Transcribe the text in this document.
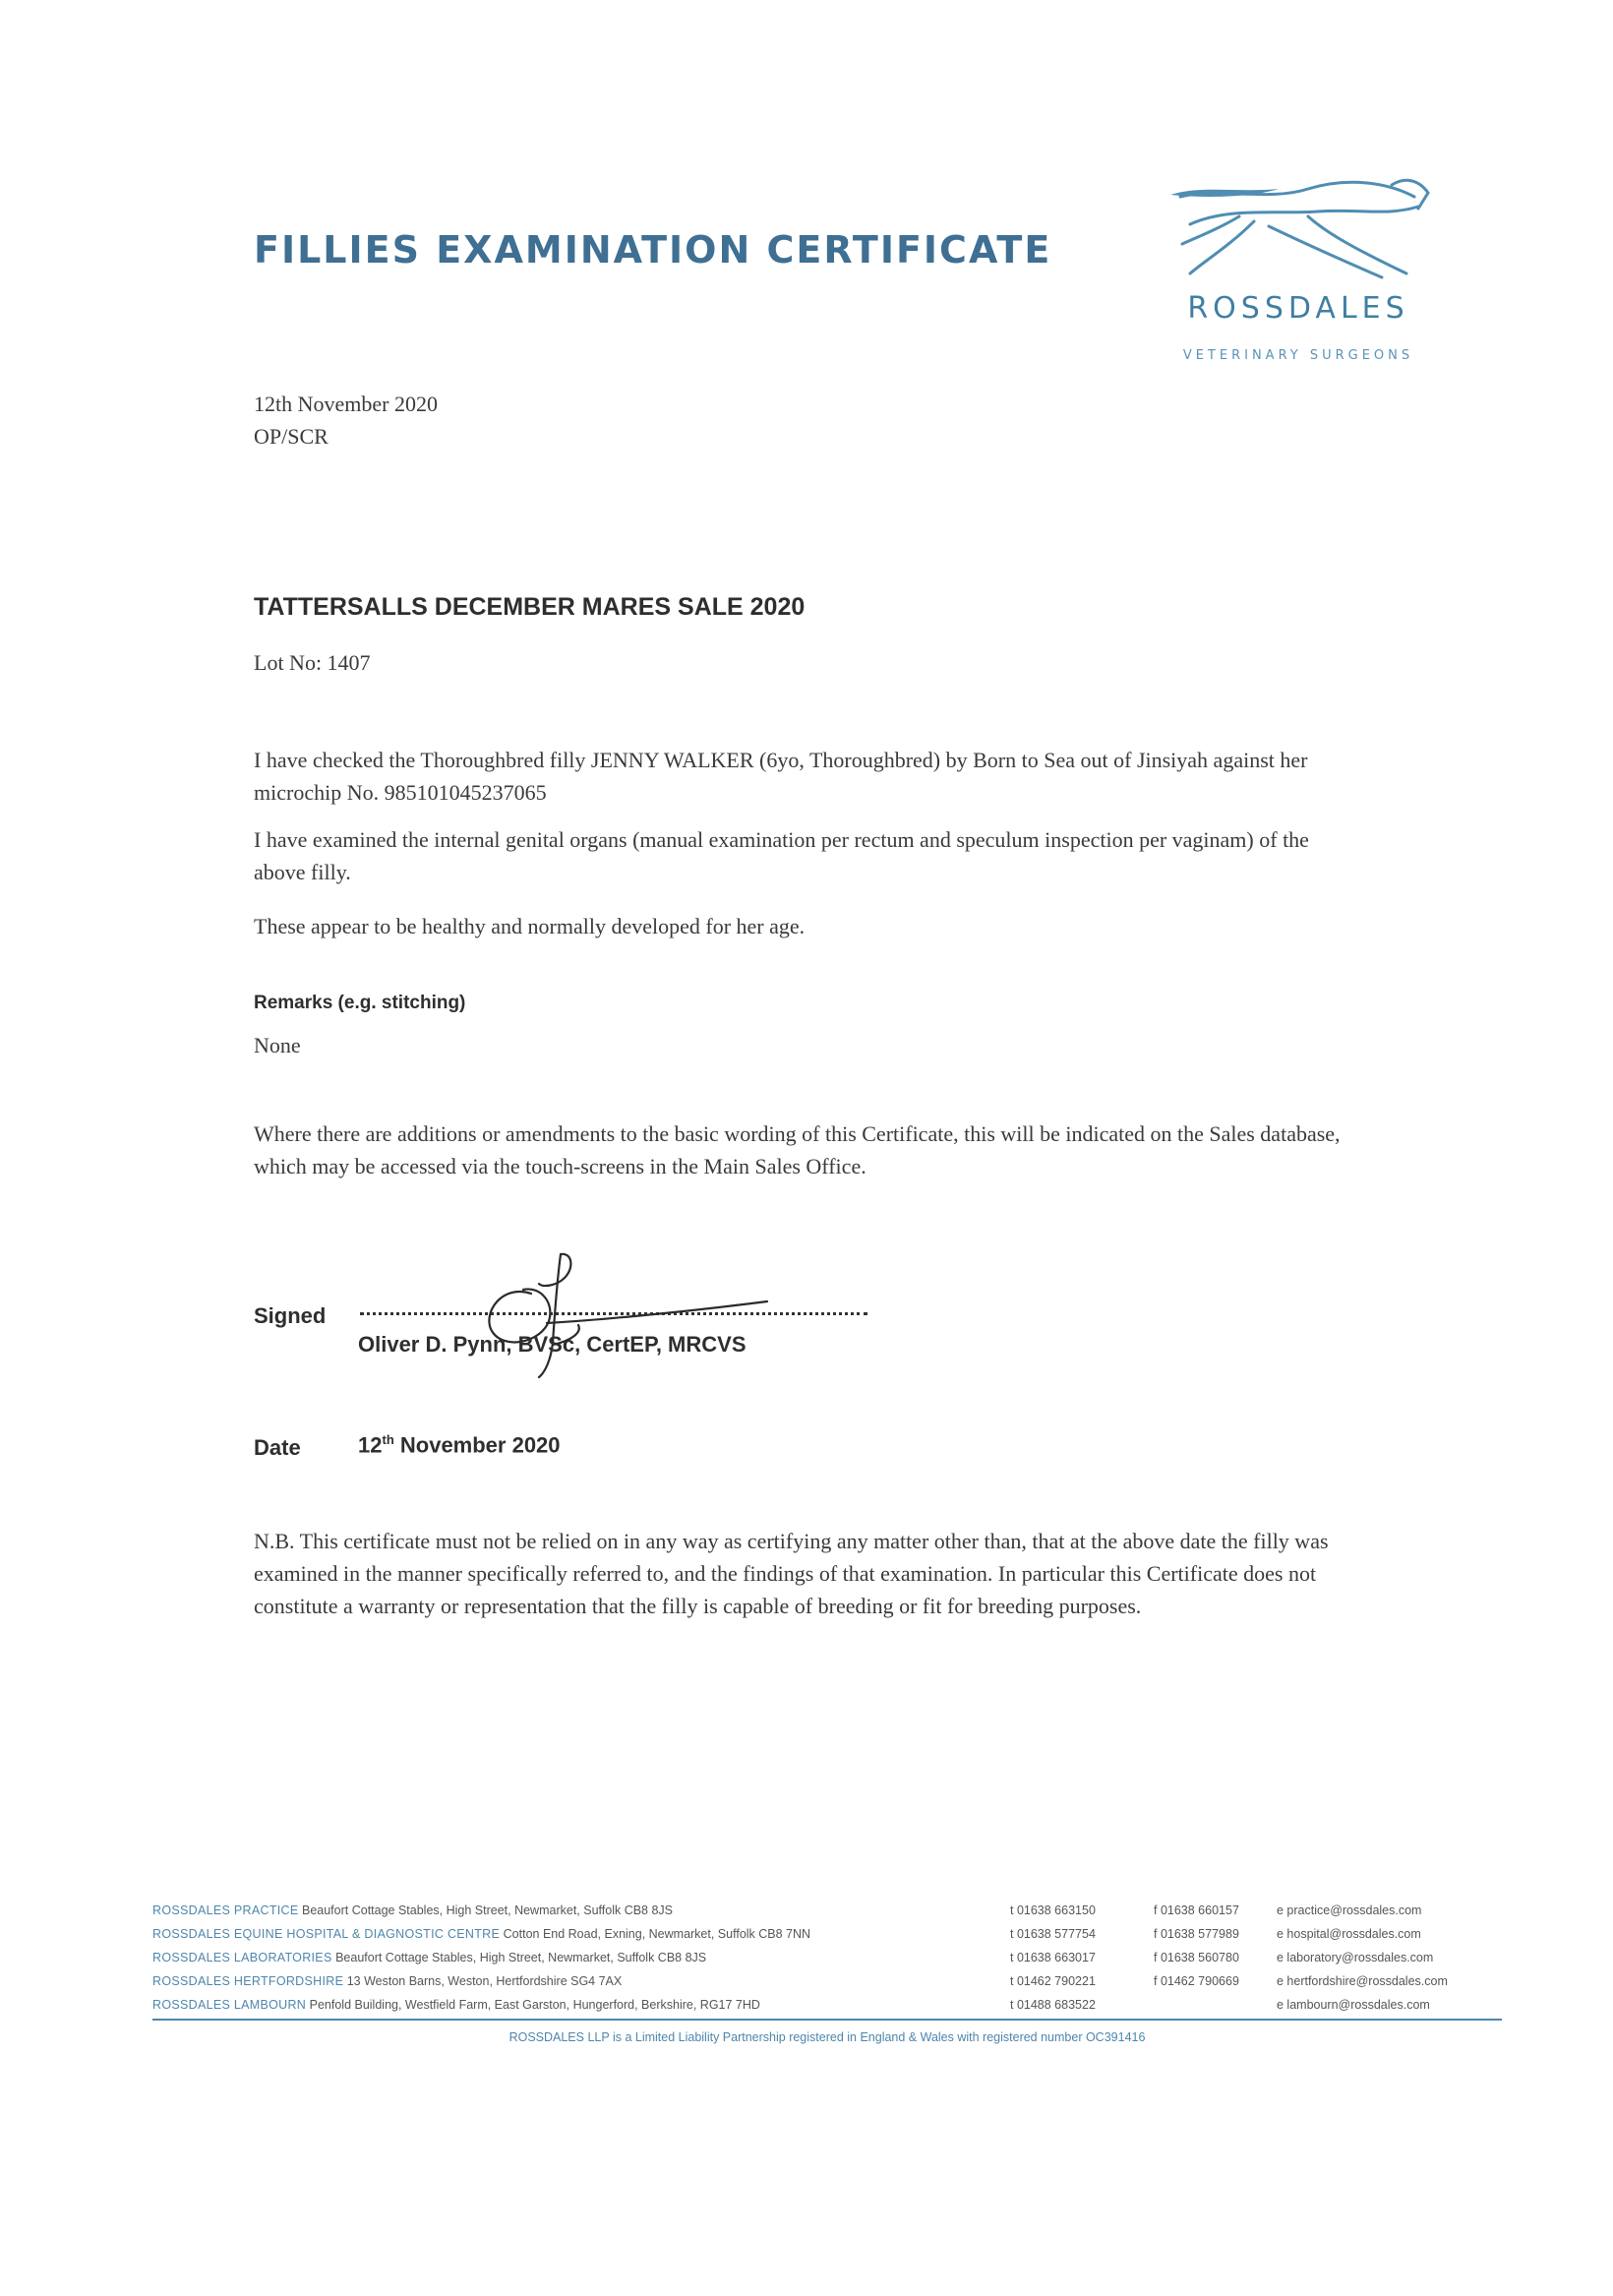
FILLIES EXAMINATION CERTIFICATE
ROSSDALES
VETERINARY SURGEONS
12th November 2020
OP/SCR
TATTERSALLS DECEMBER MARES SALE 2020
Lot No: 1407
I have checked the Thoroughbred filly JENNY WALKER (6yo, Thoroughbred) by Born to Sea out of Jinsiyah against her microchip No. 985101045237065
I have examined the internal genital organs (manual examination per rectum and speculum inspection per vaginam) of the above filly.
These appear to be healthy and normally developed for her age.
Remarks (e.g. stitching)
None
Where there are additions or amendments to the basic wording of this Certificate, this will be indicated on the Sales database, which may be accessed via the touch-screens in the Main Sales Office.
Signed
Oliver D. Pynn, BVSc, CertEP, MRCVS
Date	12th November 2020
N.B. This certificate must not be relied on in any way as certifying any matter other than, that at the above date the filly was examined in the manner specifically referred to, and the findings of that examination. In particular this Certificate does not constitute a warranty or representation that the filly is capable of breeding or fit for breeding purposes.
ROSSDALES PRACTICE Beaufort Cottage Stables, High Street, Newmarket, Suffolk CB8 8JS	t 01638 663150	f 01638 660157	e practice@rossdales.com
ROSSDALES EQUINE HOSPITAL & DIAGNOSTIC CENTRE Cotton End Road, Exning, Newmarket, Suffolk CB8 7NN	t 01638 577754	f 01638 577989	e hospital@rossdales.com
ROSSDALES LABORATORIES Beaufort Cottage Stables, High Street, Newmarket, Suffolk CB8 8JS	t 01638 663017	f 01638 560780	e laboratory@rossdales.com
ROSSDALES HERTFORDSHIRE 13 Weston Barns, Weston, Hertfordshire SG4 7AX	t 01462 790221	f 01462 790669	e hertfordshire@rossdales.com
ROSSDALES LAMBOURN Penfold Building, Westfield Farm, East Garston, Hungerford, Berkshire, RG17 7HD	t 01488 683522	e lambourn@rossdales.com
ROSSDALES LLP is a Limited Liability Partnership registered in England & Wales with registered number OC391416
